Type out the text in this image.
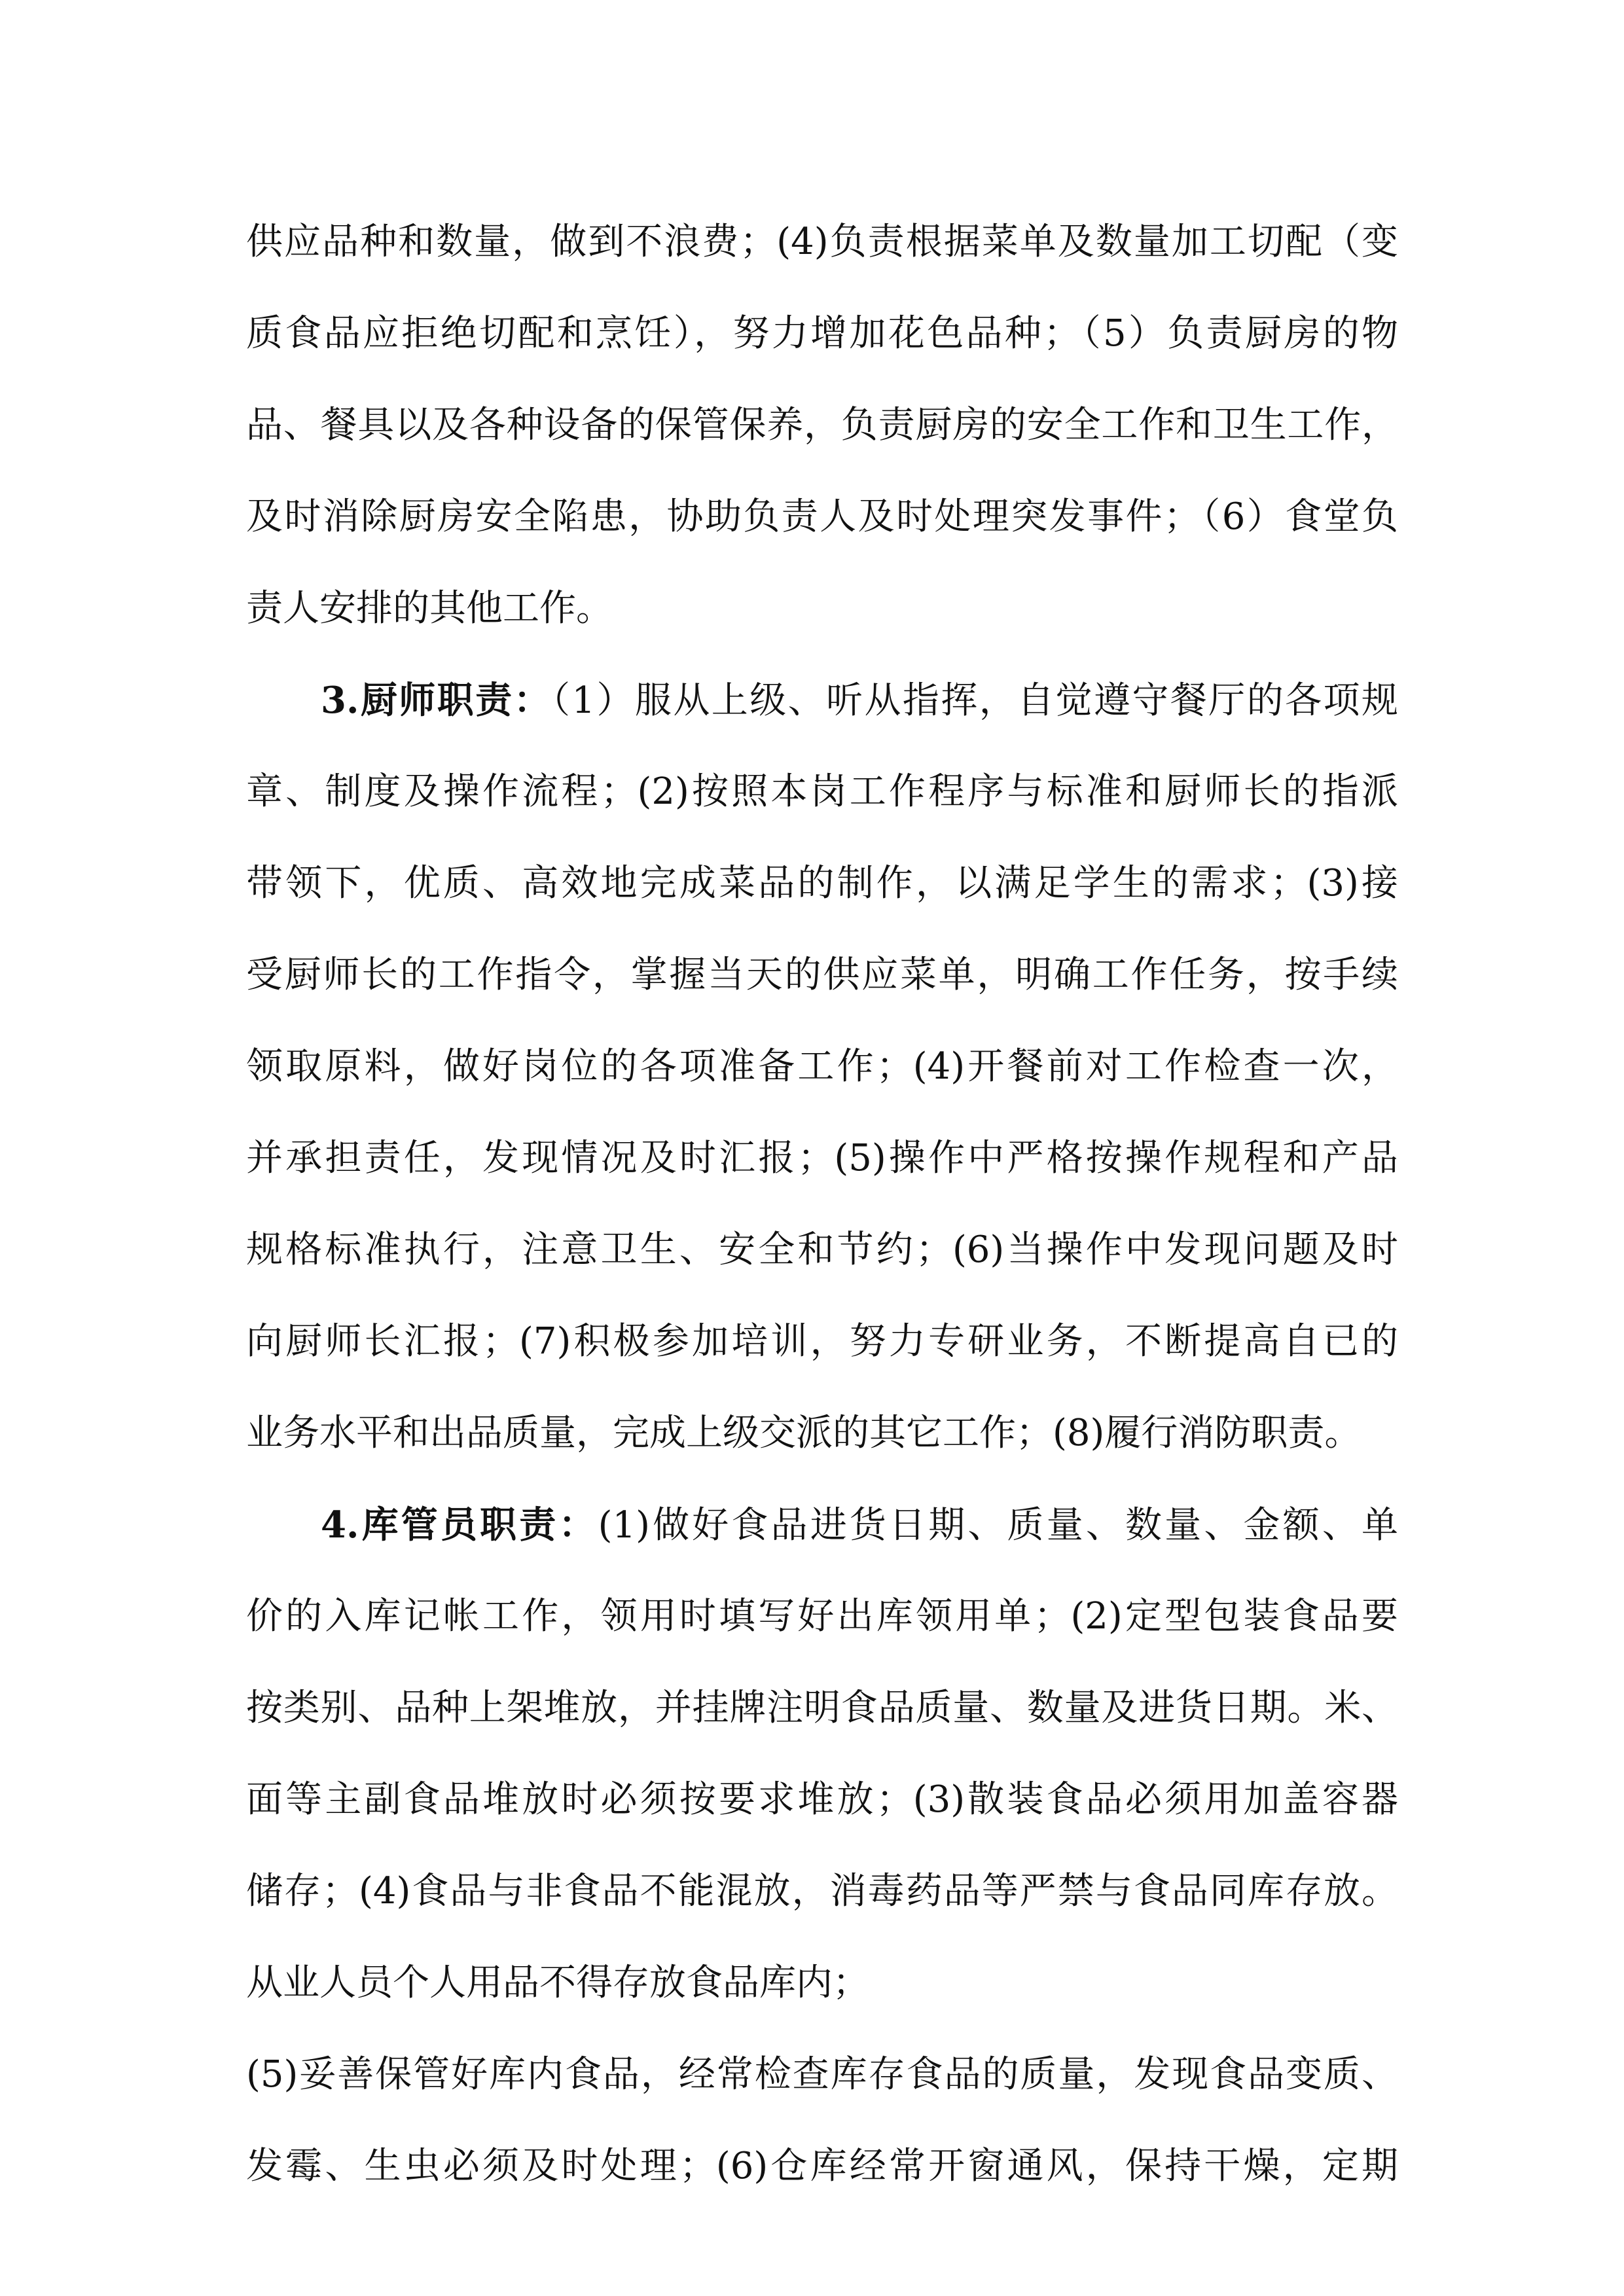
供应品种和数量，做到不浪费；(4)负责根据菜单及数量加工切配（变
质食品应拒绝切配和烹饪），努力增加花色品种；（5）负责厨房的物
品、餐具以及各种设备的保管保养，负责厨房的安全工作和卫生工作，
及时消除厨房安全陷患，协助负责人及时处理突发事件；（6）食堂负
责人安排的其他工作。
3.厨师职责：（1）服从上级、听从指挥，自觉遵守餐厅的各项规
章、制度及操作流程；(2)按照本岗工作程序与标准和厨师长的指派
带领下，优质、高效地完成菜品的制作，以满足学生的需求；(3)接
受厨师长的工作指令，掌握当天的供应菜单，明确工作任务，按手续
领取原料，做好岗位的各项准备工作；(4)开餐前对工作检查一次，
并承担责任，发现情况及时汇报；(5)操作中严格按操作规程和产品
规格标准执行，注意卫生、安全和节约；(6)当操作中发现问题及时
向厨师长汇报；(7)积极参加培训，努力专研业务，不断提高自已的
业务水平和出品质量，完成上级交派的其它工作；(8)履行消防职责。
4.库管员职责：(1)做好食品进货日期、质量、数量、金额、单
价的入库记帐工作，领用时填写好出库领用单；(2)定型包装食品要
按类别、品种上架堆放，并挂牌注明食品质量、数量及进货日期。米、
面等主副食品堆放时必须按要求堆放；(3)散装食品必须用加盖容器
储存；(4)食品与非食品不能混放，消毒药品等严禁与食品同库存放。
从业人员个人用品不得存放食品库内；
(5)妥善保管好库内食品，经常检查库存食品的质量，发现食品变质、
发霉、生虫必须及时处理；(6)仓库经常开窗通风，保持干燥，定期
